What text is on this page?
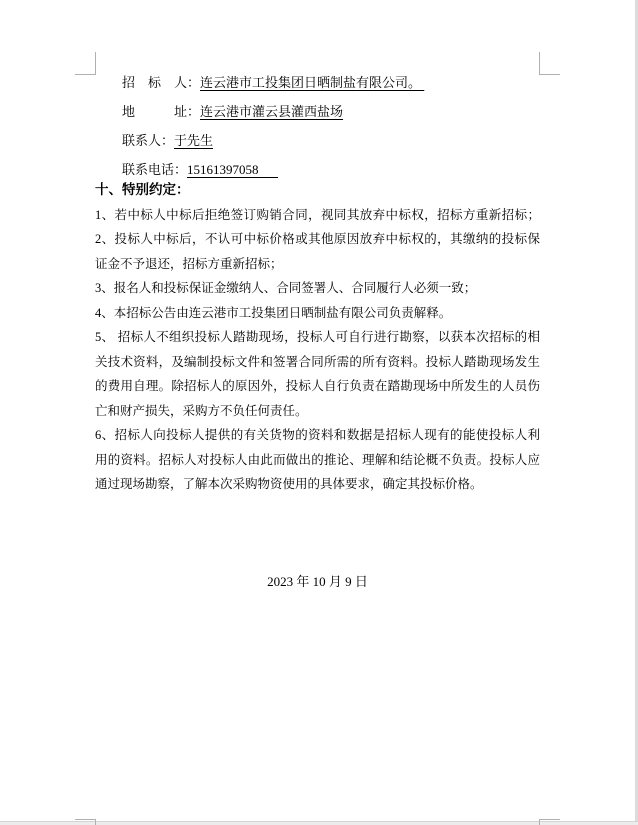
招　标　人：连云港市工投集团日晒制盐有限公司。
地　　　址：连云港市灌云县灌西盐场
联系人：于先生
联系电话：15161397058　
十、特别约定：
1、若中标人中标后拒绝签订购销合同，视同其放弃中标权，招标方重新招标；
2、投标人中标后，不认可中标价格或其他原因放弃中标权的，其缴纳的投标保
证金不予退还，招标方重新招标；
3、报名人和投标保证金缴纳人、合同签署人、合同履行人必须一致；
4、本招标公告由连云港市工投集团日晒制盐有限公司负责解释。
5、 招标人不组织投标人踏勘现场，投标人可自行进行勘察，以获本次招标的相
关技术资料，及编制投标文件和签署合同所需的所有资料。投标人踏勘现场发生
的费用自理。除招标人的原因外，投标人自行负责在踏勘现场中所发生的人员伤
亡和财产损失，采购方不负任何责任。
6、招标人向投标人提供的有关货物的资料和数据是招标人现有的能使投标人利
用的资料。招标人对投标人由此而做出的推论、理解和结论概不负责。投标人应
通过现场勘察，了解本次采购物资使用的具体要求，确定其投标价格。
2023 年 10 月 9 日
